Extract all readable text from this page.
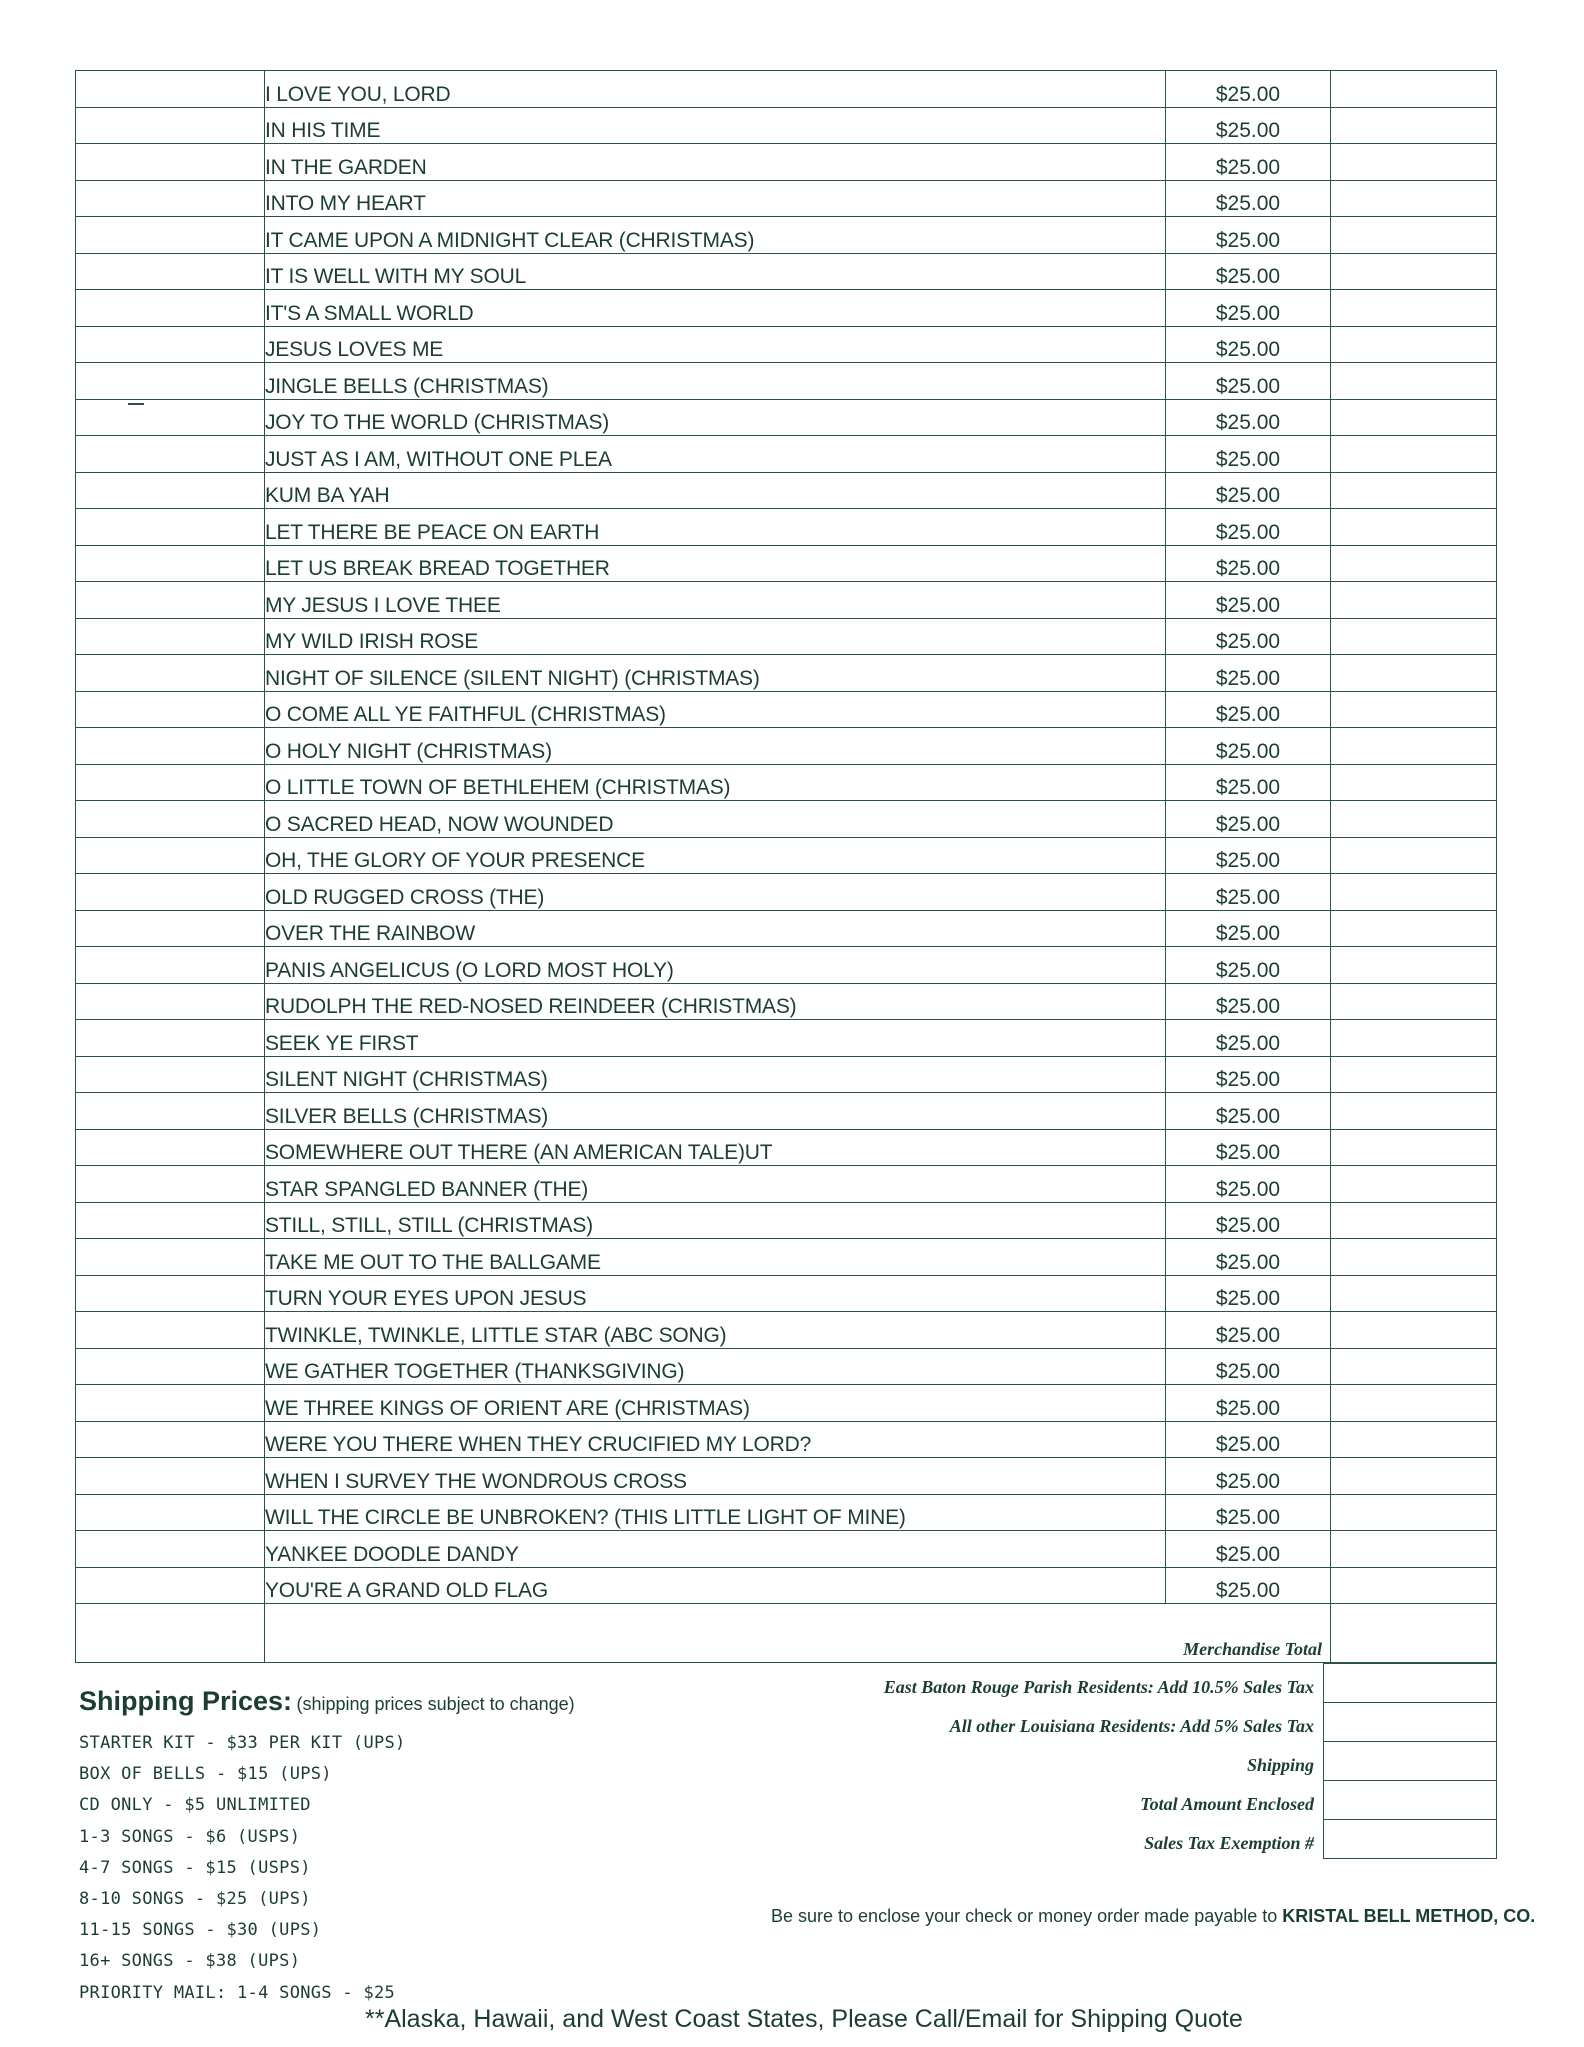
	I LOVE YOU, LORD	$25.00	
	IN HIS TIME	$25.00	
	IN THE GARDEN	$25.00	
	INTO MY HEART	$25.00	
	IT CAME UPON A MIDNIGHT CLEAR (CHRISTMAS)	$25.00	
	IT IS WELL WITH MY SOUL	$25.00	
	IT'S A SMALL WORLD	$25.00	
	JESUS LOVES ME	$25.00	
	JINGLE BELLS (CHRISTMAS)	$25.00	
	JOY TO THE WORLD (CHRISTMAS)	$25.00	
	JUST AS I AM, WITHOUT ONE PLEA	$25.00	
	KUM BA YAH	$25.00	
	LET THERE BE PEACE ON EARTH	$25.00	
	LET US BREAK BREAD TOGETHER	$25.00	
	MY JESUS I LOVE THEE	$25.00	
	MY WILD IRISH ROSE	$25.00	
	NIGHT OF SILENCE (SILENT NIGHT) (CHRISTMAS)	$25.00	
	O COME ALL YE FAITHFUL (CHRISTMAS)	$25.00	
	O HOLY NIGHT (CHRISTMAS)	$25.00	
	O LITTLE TOWN OF BETHLEHEM (CHRISTMAS)	$25.00	
	O SACRED HEAD, NOW WOUNDED	$25.00	
	OH, THE GLORY OF YOUR PRESENCE	$25.00	
	OLD RUGGED CROSS (THE)	$25.00	
	OVER THE RAINBOW	$25.00	
	PANIS ANGELICUS (O LORD MOST HOLY)	$25.00	
	RUDOLPH THE RED-NOSED REINDEER (CHRISTMAS)	$25.00	
	SEEK YE FIRST	$25.00	
	SILENT NIGHT (CHRISTMAS)	$25.00	
	SILVER BELLS (CHRISTMAS)	$25.00	
	SOMEWHERE OUT THERE (AN AMERICAN TALE)UT	$25.00	
	STAR SPANGLED BANNER (THE)	$25.00	
	STILL, STILL, STILL (CHRISTMAS)	$25.00	
	TAKE ME OUT TO THE BALLGAME	$25.00	
	TURN YOUR EYES UPON JESUS	$25.00	
	TWINKLE, TWINKLE, LITTLE STAR (ABC SONG)	$25.00	
	WE GATHER TOGETHER (THANKSGIVING)	$25.00	
	WE THREE KINGS OF ORIENT ARE (CHRISTMAS)	$25.00	
	WERE YOU THERE WHEN THEY CRUCIFIED MY LORD?	$25.00	
	WHEN I SURVEY THE WONDROUS CROSS	$25.00	
	WILL THE CIRCLE BE UNBROKEN? (THIS LITTLE LIGHT OF MINE)	$25.00	
	YANKEE DOODLE DANDY	$25.00	
	YOU'RE A GRAND OLD FLAG	$25.00	
	Merchandise Total		

East Baton Rouge Parish Residents: Add 10.5% Sales Tax
All other Louisiana Residents: Add 5% Sales Tax
Shipping
Total Amount Enclosed
Sales Tax Exemption #
Shipping Prices: (shipping prices subject to change)
STARTER KIT - $33 PER KIT (UPS)
BOX OF BELLS - $15 (UPS)
CD ONLY - $5 UNLIMITED
1-3 SONGS - $6 (USPS)
4-7 SONGS - $15 (USPS)
8-10 SONGS - $25 (UPS)
11-15 SONGS - $30 (UPS)
16+ SONGS - $38 (UPS)
PRIORITY MAIL: 1-4 SONGS - $25
Be sure to enclose your check or money order made payable to KRISTAL BELL METHOD, CO.
**Alaska, Hawaii, and West Coast States, Please Call/Email for Shipping Quote
